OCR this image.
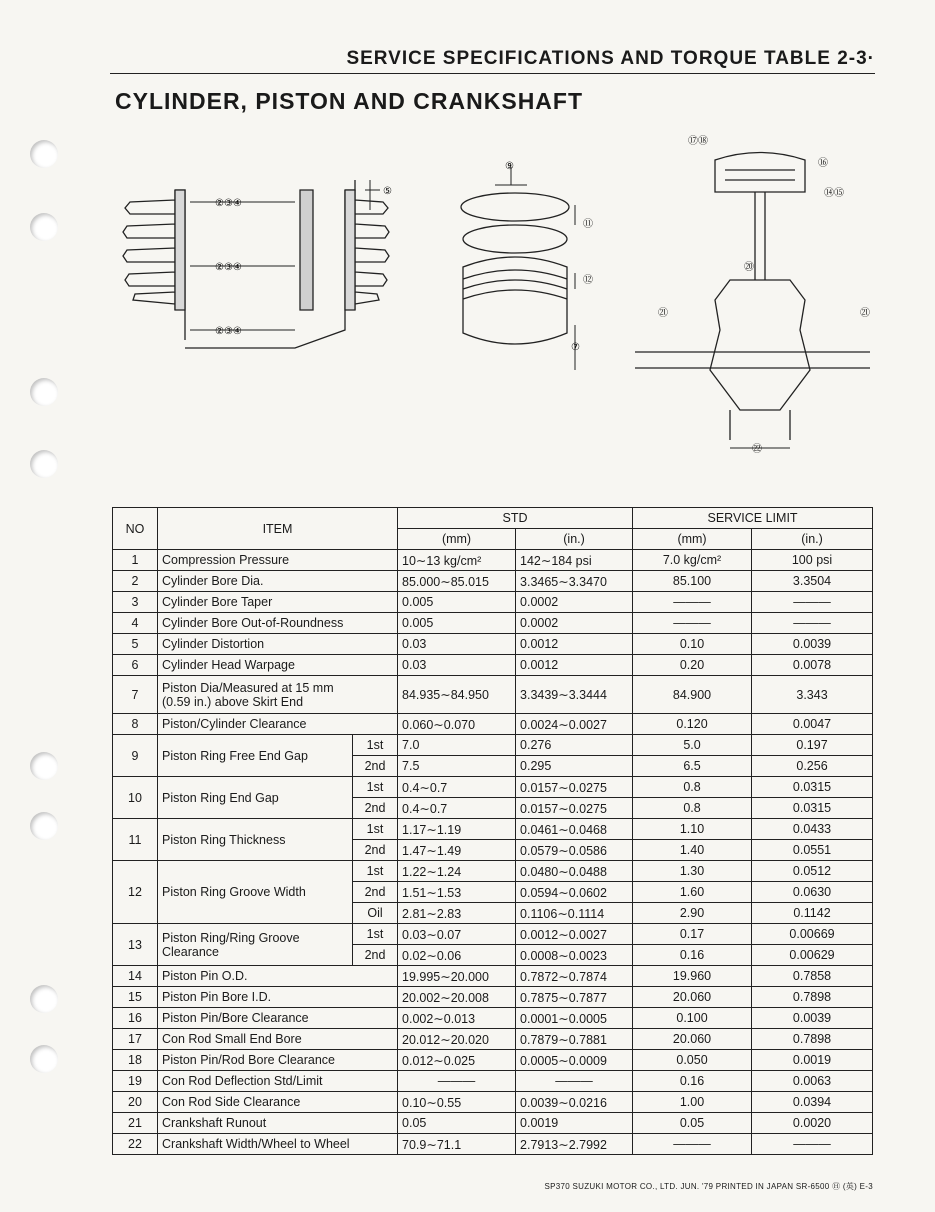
SERVICE SPECIFICATIONS AND TORQUE TABLE 2-3·
CYLINDER, PISTON AND CRANKSHAFT
②③④
②③④
②③④
⑤
⑨
⑪
⑫
⑦
⑰⑱
⑯
⑭⑮
⑳
㉑	㉑
㉒
NO	ITEM		STD		SERVICE LIMIT	
			(mm)	(in.)	(mm)	(in.)
1	Compression Pressure		10∼13 kg/cm²	142∼184 psi	7.0 kg/cm²	100 psi
2	Cylinder Bore Dia.		85.000∼85.015	3.3465∼3.3470	85.100	3.3504
3	Cylinder Bore Taper		0.005	0.0002	———	———
4	Cylinder Bore Out-of-Roundness		0.005	0.0002	———	———
5	Cylinder Distortion		0.03	0.0012	0.10	0.0039
6	Cylinder Head Warpage		0.03	0.0012	0.20	0.0078
7	Piston Dia/Measured at 15 mm
(0.59 in.) above Skirt End		84.935∼84.950	3.3439∼3.3444	84.900	3.343
8	Piston/Cylinder Clearance		0.060∼0.070	0.0024∼0.0027	0.120	0.0047
9	Piston Ring Free End Gap	1st	7.0	0.276	5.0	0.197
		2nd	7.5	0.295	6.5	0.256
10	Piston Ring End Gap	1st	0.4∼0.7	0.0157∼0.0275	0.8	0.0315
		2nd	0.4∼0.7	0.0157∼0.0275	0.8	0.0315
11	Piston Ring Thickness	1st	1.17∼1.19	0.0461∼0.0468	1.10	0.0433
		2nd	1.47∼1.49	0.0579∼0.0586	1.40	0.0551
12	Piston Ring Groove Width	1st	1.22∼1.24	0.0480∼0.0488	1.30	0.0512
		2nd	1.51∼1.53	0.0594∼0.0602	1.60	0.0630
		Oil	2.81∼2.83	0.1106∼0.1114	2.90	0.1142
13	Piston Ring/Ring Groove
Clearance	1st	0.03∼0.07	0.0012∼0.0027	0.17	0.00669
		2nd	0.02∼0.06	0.0008∼0.0023	0.16	0.00629
14	Piston Pin O.D.		19.995∼20.000	0.7872∼0.7874	19.960	0.7858
15	Piston Pin Bore I.D.		20.002∼20.008	0.7875∼0.7877	20.060	0.7898
16	Piston Pin/Bore Clearance		0.002∼0.013	0.0001∼0.0005	0.100	0.0039
17	Con Rod Small End Bore		20.012∼20.020	0.7879∼0.7881	20.060	0.7898
18	Piston Pin/Rod Bore Clearance		0.012∼0.025	0.0005∼0.0009	0.050	0.0019
19	Con Rod Deflection Std/Limit		———	———	0.16	0.0063
20	Con Rod Side Clearance		0.10∼0.55	0.0039∼0.0216	1.00	0.0394
21	Crankshaft Runout		0.05	0.0019	0.05	0.0020
22	Crankshaft Width/Wheel to Wheel		70.9∼71.1	2.7913∼2.7992	———	———
SP370 SUZUKI MOTOR CO., LTD. JUN. '79 PRINTED IN JAPAN SR-6500 Ⓗ (英) E-3
